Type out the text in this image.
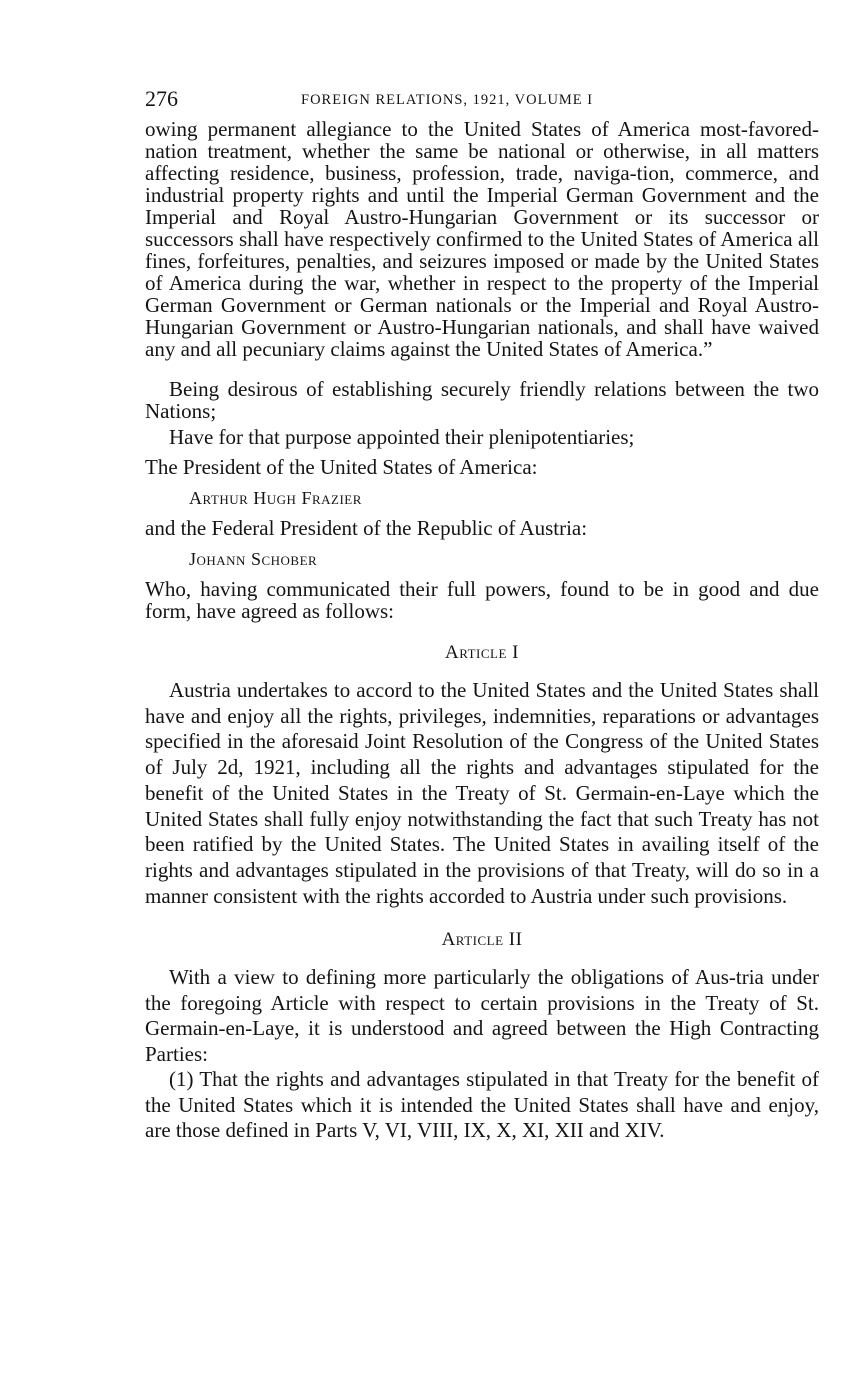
276	FOREIGN RELATIONS, 1921, VOLUME I

owing permanent allegiance to the United States of America most-favored-nation treatment, whether the same be national or otherwise, in all matters affecting residence, business, profession, trade, naviga-tion, commerce, and industrial property rights and until the Imperial German Government and the Imperial and Royal Austro-Hungarian Government or its successor or successors shall have respectively confirmed to the United States of America all fines, forfeitures, penalties, and seizures imposed or made by the United States of America during the war, whether in respect to the property of the Imperial German Government or German nationals or the Imperial and Royal Austro-Hungarian Government or Austro-Hungarian nationals, and shall have waived any and all pecuniary claims against the United States of America.”

Being desirous of establishing securely friendly relations between the two Nations;

Have for that purpose appointed their plenipotentiaries;

The President of the United States of America:

Arthur Hugh Frazier

and the Federal President of the Republic of Austria:

Johann Schober

Who, having communicated their full powers, found to be in good and due form, have agreed as follows:

Article I

Austria undertakes to accord to the United States and the United States shall have and enjoy all the rights, privileges, indemnities, reparations or advantages specified in the aforesaid Joint Resolution of the Congress of the United States of July 2d, 1921, including all the rights and advantages stipulated for the benefit of the United States in the Treaty of St. Germain-en-Laye which the United States shall fully enjoy notwithstanding the fact that such Treaty has not been ratified by the United States. The United States in availing itself of the rights and advantages stipulated in the provisions of that Treaty, will do so in a manner consistent with the rights accorded to Austria under such provisions.

Article II

With a view to defining more particularly the obligations of Aus-tria under the foregoing Article with respect to certain provisions in the Treaty of St. Germain-en-Laye, it is understood and agreed between the High Contracting Parties:

(1) That the rights and advantages stipulated in that Treaty for the benefit of the United States which it is intended the United States shall have and enjoy, are those defined in Parts V, VI, VIII, IX, X, XI, XII and XIV.
